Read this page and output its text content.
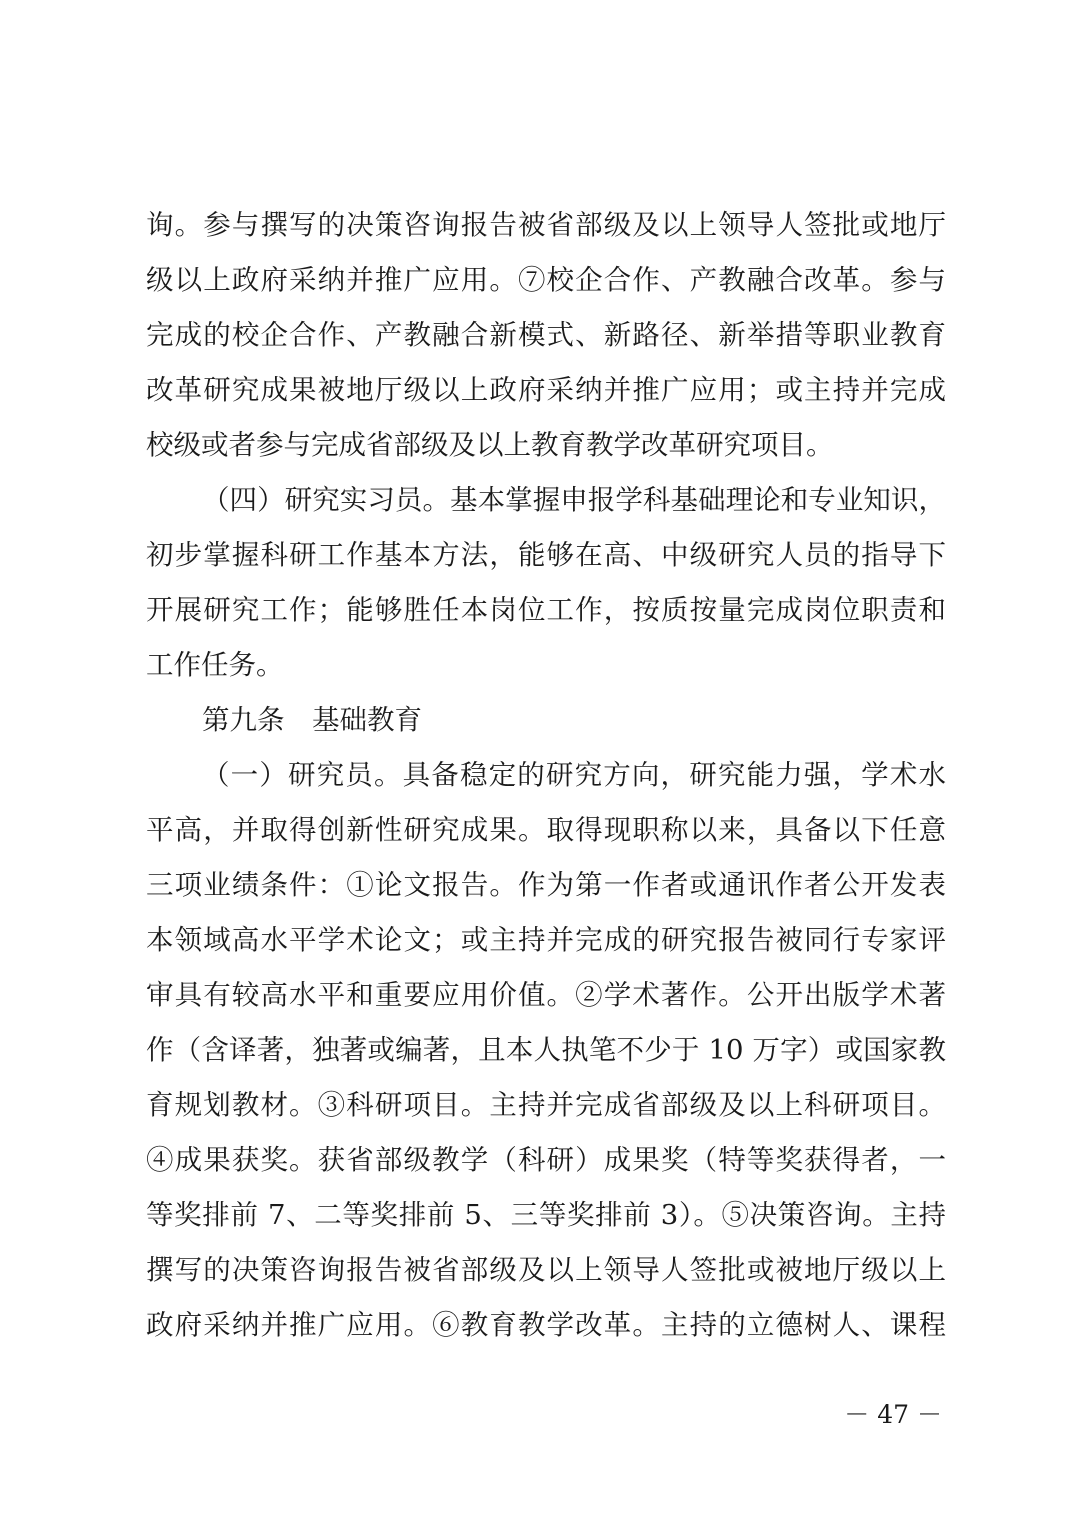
询。参与撰写的决策咨询报告被省部级及以上领导人签批或地厅
级以上政府采纳并推广应用。⑦校企合作、产教融合改革。参与
完成的校企合作、产教融合新模式、新路径、新举措等职业教育
改革研究成果被地厅级以上政府采纳并推广应用；或主持并完成
校级或者参与完成省部级及以上教育教学改革研究项目。
（四）研究实习员。基本掌握申报学科基础理论和专业知识，
初步掌握科研工作基本方法，能够在高、中级研究人员的指导下
开展研究工作；能够胜任本岗位工作，按质按量完成岗位职责和
工作任务。
第九条　基础教育
（一）研究员。具备稳定的研究方向，研究能力强，学术水
平高，并取得创新性研究成果。取得现职称以来，具备以下任意
三项业绩条件：①论文报告。作为第一作者或通讯作者公开发表
本领域高水平学术论文；或主持并完成的研究报告被同行专家评
审具有较高水平和重要应用价值。②学术著作。公开出版学术著
作（含译著，独著或编著，且本人执笔不少于 10 万字）或国家教
育规划教材。③科研项目。主持并完成省部级及以上科研项目。
④成果获奖。获省部级教学（科研）成果奖（特等奖获得者，一
等奖排前 7、二等奖排前 5、三等奖排前 3）。⑤决策咨询。主持
撰写的决策咨询报告被省部级及以上领导人签批或被地厅级以上
政府采纳并推广应用。⑥教育教学改革。主持的立德树人、课程
－ 47 －
